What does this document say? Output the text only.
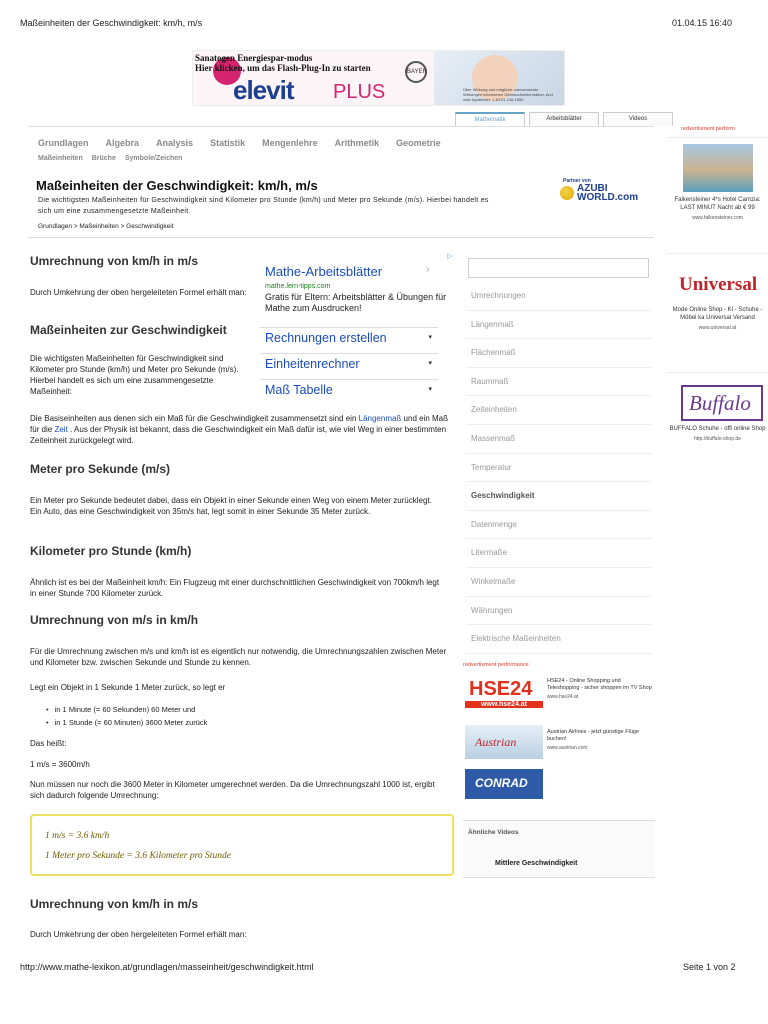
Maßeinheiten der Geschwindigkeit: km/h, m/s	01.04.15 16:40
Sanatogen Energiespar-modus
Hier klicken, um das Flash-Plug-In zu starten
elevit PLUS
BAYER
Über Wirkung und mögliche unerwünschte Wirkungen informieren Gebrauchsinformation, Arzt oder Apotheker. 1-AT.01.216.1550
Mathematik	Arbeitsblätter	Videos
Grundlagen Algebra Analysis Statistik Mengenlehre Arithmetik Geometrie
Maßeinheiten Brüche Symbole/Zeichen
Maßeinheiten der Geschwindigkeit: km/h, m/s
Die wichtigsten Maßeinheiten für Geschwindigkeit sind Kilometer pro Stunde (km/h) und Meter pro Sekunde (m/s). Hierbei handelt es sich um eine zusammengesetzte Maßeinheit.
Grundlagen > Maßeinheiten > Geschwindigkeit
Partner von
AZUBI
WORLD.com
Umrechnung von km/h in m/s
Durch Umkehrung der oben hergeleiteten Formel erhält man:
Maßeinheiten zur Geschwindigkeit
Die wichtigsten Maßeinheiten für Geschwindigkeit sind Kilometer pro Stunde (km/h) und Meter pro Sekunde (m/s). Hierbei handelt es sich um eine zusammengesetzte Maßeinheit:
Die Basiseinheiten aus denen sich ein Maß für die Geschwindigkeit zusammensetzt sind ein Längenmaß und ein Maß für die Zeit . Aus der Physik ist bekannt, dass die Geschwindigkeit ein Maß dafür ist, wie viel Weg in einer bestimmten Zeiteinheit zurückgelegt wird.
Meter pro Sekunde (m/s)
Ein Meter pro Sekunde bedeutet dabei, dass ein Objekt in einer Sekunde einen Weg von einem Meter zurücklegt. Ein Auto, das eine Geschwindigkeit von 35m/s hat, legt somit in einer Sekunde 35 Meter zurück.
Kilometer pro Stunde (km/h)
Ähnlich ist es bei der Maßeinheit km/h: Ein Flugzeug mit einer durchschnittlichen Geschwindigkeit von 700km/h legt in einer Stunde 700 Kilometer zurück.
Umrechnung von m/s in km/h
Für die Umrechnung zwischen m/s und km/h ist es eigentlich nur notwendig, die Umrechnungszahlen zwischen Meter und Kilometer bzw. zwischen Sekunde und Stunde zu kennen.
Legt ein Objekt in 1 Sekunde 1 Meter zurück, so legt er
• in 1 Minute (= 60 Sekunden) 60 Meter und
• in 1 Stunde (= 60 Minuten) 3600 Meter zurück
Das heißt:
1 m/s = 3600m/h
Nun müssen nur noch die 3600 Meter in Kilometer umgerechnet werden. Da die Umrechnungszahl 1000 ist, ergibt sich dadurch folgende Umrechnung:
1 m/s = 3.6 km/h
1 Meter pro Sekunde = 3.6 Kilometer pro Stunde
Umrechnung von km/h in m/s
Durch Umkehrung der oben hergeleiteten Formel erhält man:
▷
Mathe-Arbeitsblätter
mathe.lern-tipps.com
Gratis für Eltern: Arbeitsblätter & Übungen für Mathe zum Ausdrucken!
›
Rechnungen erstellen	▾
Einheitenrechner	▾
Maß Tabelle	▾
Umrechnungen
Längenmaß
Flächenmaß
Raummaß
Zeiteinheiten
Massenmaß
Temperatur
Geschwindigkeit
Datenmenge
Litermaße
Winkelmaße
Währungen
Elektrische Maßeinheiten
redvertisment perform
Falkensteiner 4*s Hotel Carnzia: LAST MINUT Nacht ab € 99
www.falkensteiner.com
Universal
Mode Online Shop - Kl - Schuhe - Möbel ka Universal Versand
www.universal.at
Buffalo
BUFFALO Schuhe - offi online Shop
http://buffalo-shop.de
redvertisment performance
HSE24
www.hse24.at
HSE24 - Online Shopping und Teleshopping - sicher shoppen im TV Shop
www.hse24.at
Austrian
Austrian Airlines - jetzt günstige Flüge buchen!
www.austrian.com
CONRAD
Ähnliche Videos
Mittlere Geschwindigkeit
http://www.mathe-lexikon.at/grundlagen/masseinheit/geschwindigkeit.html	Seite 1 von 2
